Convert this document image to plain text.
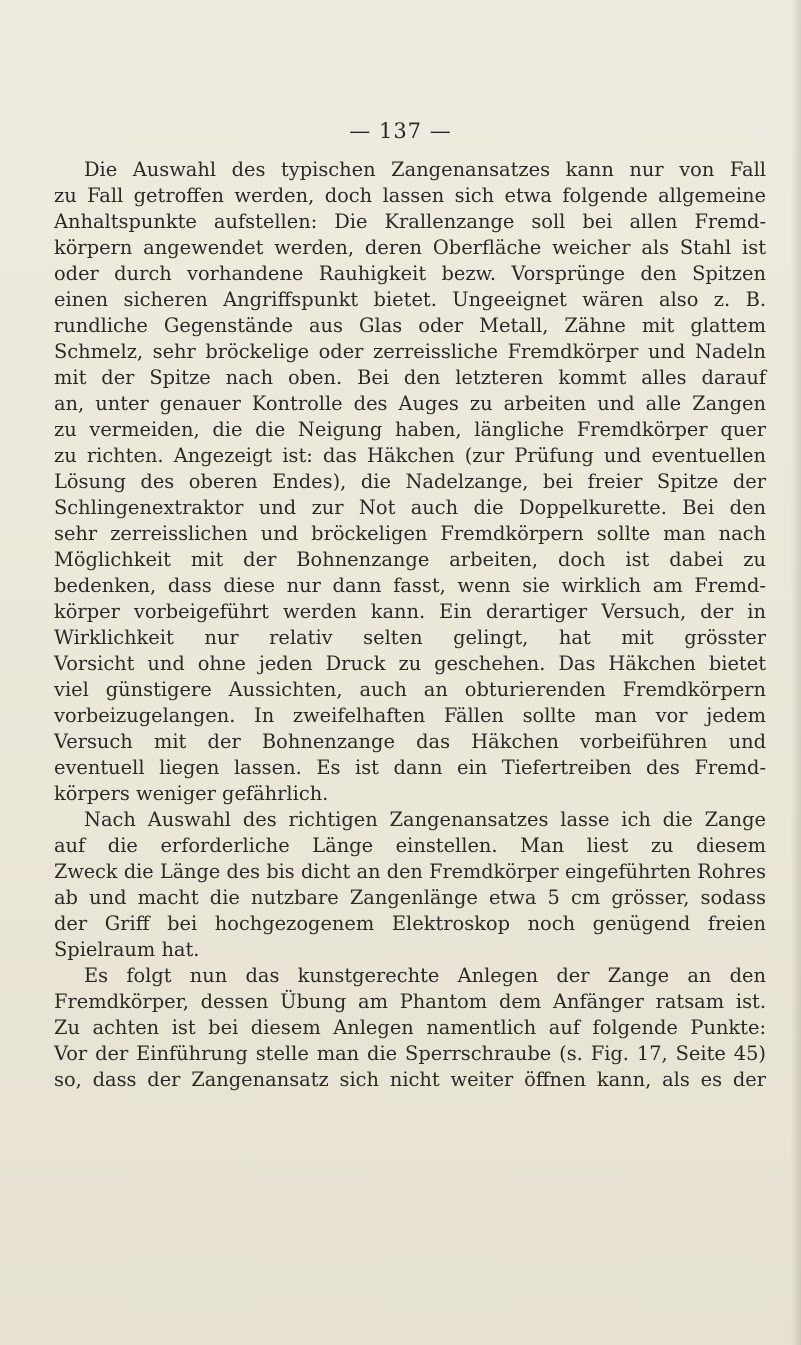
— 137 —
Die Auswahl des typischen Zangenansatzes kann nur von Fall
zu Fall getroffen werden, doch lassen sich etwa folgende allgemeine
Anhaltspunkte aufstellen: Die Krallenzange soll bei allen Fremd-
körpern angewendet werden, deren Oberfläche weicher als Stahl ist
oder durch vorhandene Rauhigkeit bezw. Vorsprünge den Spitzen
einen sicheren Angriffspunkt bietet. Ungeeignet wären also z. B.
rundliche Gegenstände aus Glas oder Metall, Zähne mit glattem
Schmelz, sehr bröckelige oder zerreissliche Fremdkörper und Nadeln
mit der Spitze nach oben. Bei den letzteren kommt alles darauf
an, unter genauer Kontrolle des Auges zu arbeiten und alle Zangen
zu vermeiden, die die Neigung haben, längliche Fremdkörper quer
zu richten. Angezeigt ist: das Häkchen (zur Prüfung und eventuellen
Lösung des oberen Endes), die Nadelzange, bei freier Spitze der
Schlingenextraktor und zur Not auch die Doppelkurette. Bei den
sehr zerreisslichen und bröckeligen Fremdkörpern sollte man nach
Möglichkeit mit der Bohnenzange arbeiten, doch ist dabei zu
bedenken, dass diese nur dann fasst, wenn sie wirklich am Fremd-
körper vorbeigeführt werden kann. Ein derartiger Versuch, der in
Wirklichkeit nur relativ selten gelingt, hat mit grösster
Vorsicht und ohne jeden Druck zu geschehen. Das Häkchen bietet
viel günstigere Aussichten, auch an obturierenden Fremdkörpern
vorbeizugelangen. In zweifelhaften Fällen sollte man vor jedem
Versuch mit der Bohnenzange das Häkchen vorbeiführen und
eventuell liegen lassen. Es ist dann ein Tiefertreiben des Fremd-
körpers weniger gefährlich.
Nach Auswahl des richtigen Zangenansatzes lasse ich die Zange
auf die erforderliche Länge einstellen. Man liest zu diesem
Zweck die Länge des bis dicht an den Fremdkörper eingeführten Rohres
ab und macht die nutzbare Zangenlänge etwa 5 cm grösser, sodass
der Griff bei hochgezogenem Elektroskop noch genügend freien
Spielraum hat.
Es folgt nun das kunstgerechte Anlegen der Zange an den
Fremdkörper, dessen Übung am Phantom dem Anfänger ratsam ist.
Zu achten ist bei diesem Anlegen namentlich auf folgende Punkte:
Vor der Einführung stelle man die Sperrschraube (s. Fig. 17, Seite 45)
so, dass der Zangenansatz sich nicht weiter öffnen kann, als es der
